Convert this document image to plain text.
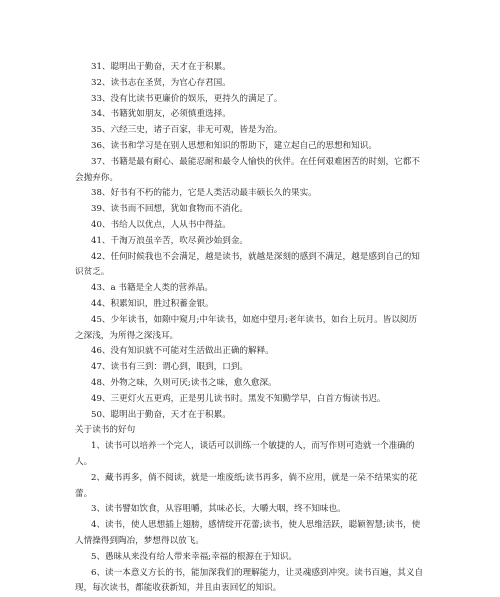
31、聪明出于勤奋，天才在于积累。

32、读书志在圣贤，为官心存君国。

33、没有比读书更廉价的娱乐，更持久的满足了。

34、书籍犹如朋友，必须慎重选择。

35、六经三史，诸子百家，非无可观，皆是为治。

36、读书和学习是在别人思想和知识的帮助下，建立起自己的思想和知识。

37、书籍是最有耐心、最能忍耐和最令人愉快的伙伴。在任何艰难困苦的时刻，它都不会抛弃你。

38、好书有不朽的能力，它是人类活动最丰硕长久的果实。

39、读书而不回想，犹如食物而不消化。

40、书给人以优点，人从书中得益。

41、千淘万浪虽辛苦，吹尽黄沙始到金。

42、任何时候我也不会满足，越是读书，就越是深刻的感到不满足，越是感到自己的知识贫乏。

43、a 书籍是全人类的营养品。

44、积累知识，胜过积蓄金银。

45、少年读书，如隙中窥月;中年读书，如庭中望月;老年读书，如台上玩月。皆以阅历之深浅，为所得之深浅耳。

46、没有知识就不可能对生活做出正确的解释。

47、读书有三到：谓心到，眼到，口到。

48、外物之味，久则可厌;读书之味，愈久愈深。

49、三更灯火五更鸡，正是男儿读书时。黑发不知勤学早，白首方悔读书迟。

50、聪明出于勤奋，天才在于积累。

关于读书的好句

1、读书可以培养一个完人，谈话可以训练一个敏捷的人，而写作则可造就一个准确的人。

2、藏书再多，倘不阅读，就是一堆废纸;读书再多，倘不应用，就是一朵不结果实的花蕾。

3、读书譬如饮食，从容咀嚼，其味必长，大嚼大咽，终不知味也。

4、读书，使人思想插上翅膀，感情绽开花蕾;读书，使人思维活跃，聪颖智慧;读书，使人情操得到陶冶，梦想得以放飞。

5、愚昧从来没有给人带来幸福;幸福的根源在于知识。

6、读一本意义方长的书，能加深我们的理解能力，让灵魂感到冲突。读书百遍，其义自现，每次读书，都能收获新知，并且由衷回忆的知识。
